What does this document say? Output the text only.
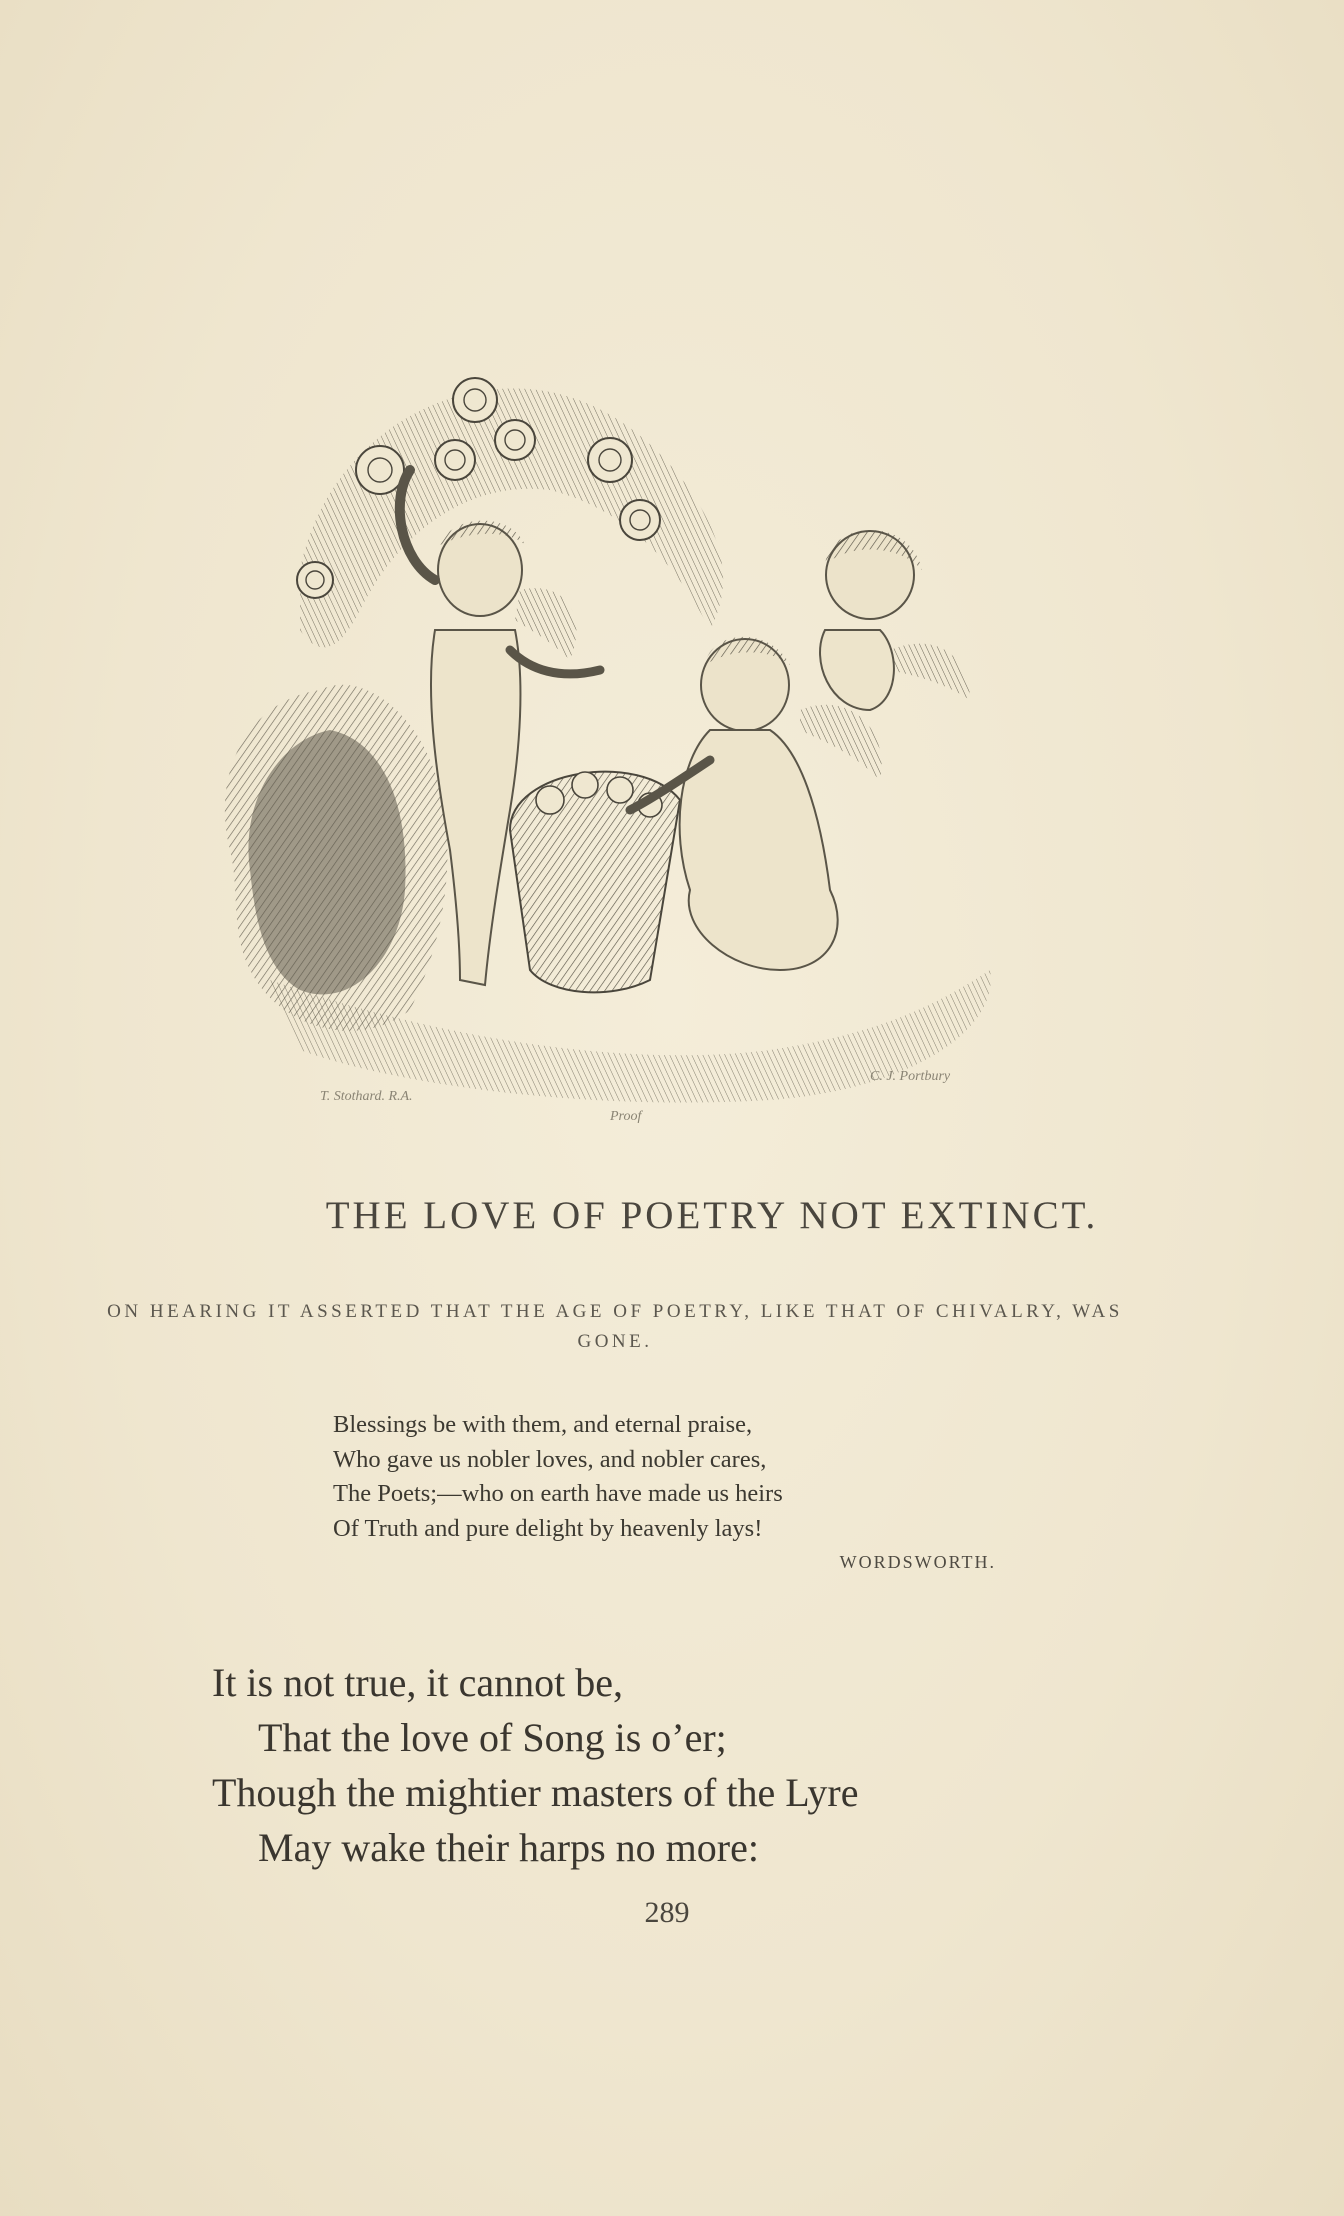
T. Stothard. R.A.
Proof
C. J. Portbury
THE LOVE OF POETRY NOT EXTINCT.
ON HEARING IT ASSERTED THAT THE AGE OF POETRY, LIKE THAT OF CHIVALRY, WAS GONE.
Blessings be with them, and eternal praise,
Who gave us nobler loves, and nobler cares,
The Poets;—who on earth have made us heirs
Of Truth and pure delight by heavenly lays!
WORDSWORTH.
It is not true, it cannot be,
That the love of Song is o’er;
Though the mightier masters of the Lyre
May wake their harps no more:
289
